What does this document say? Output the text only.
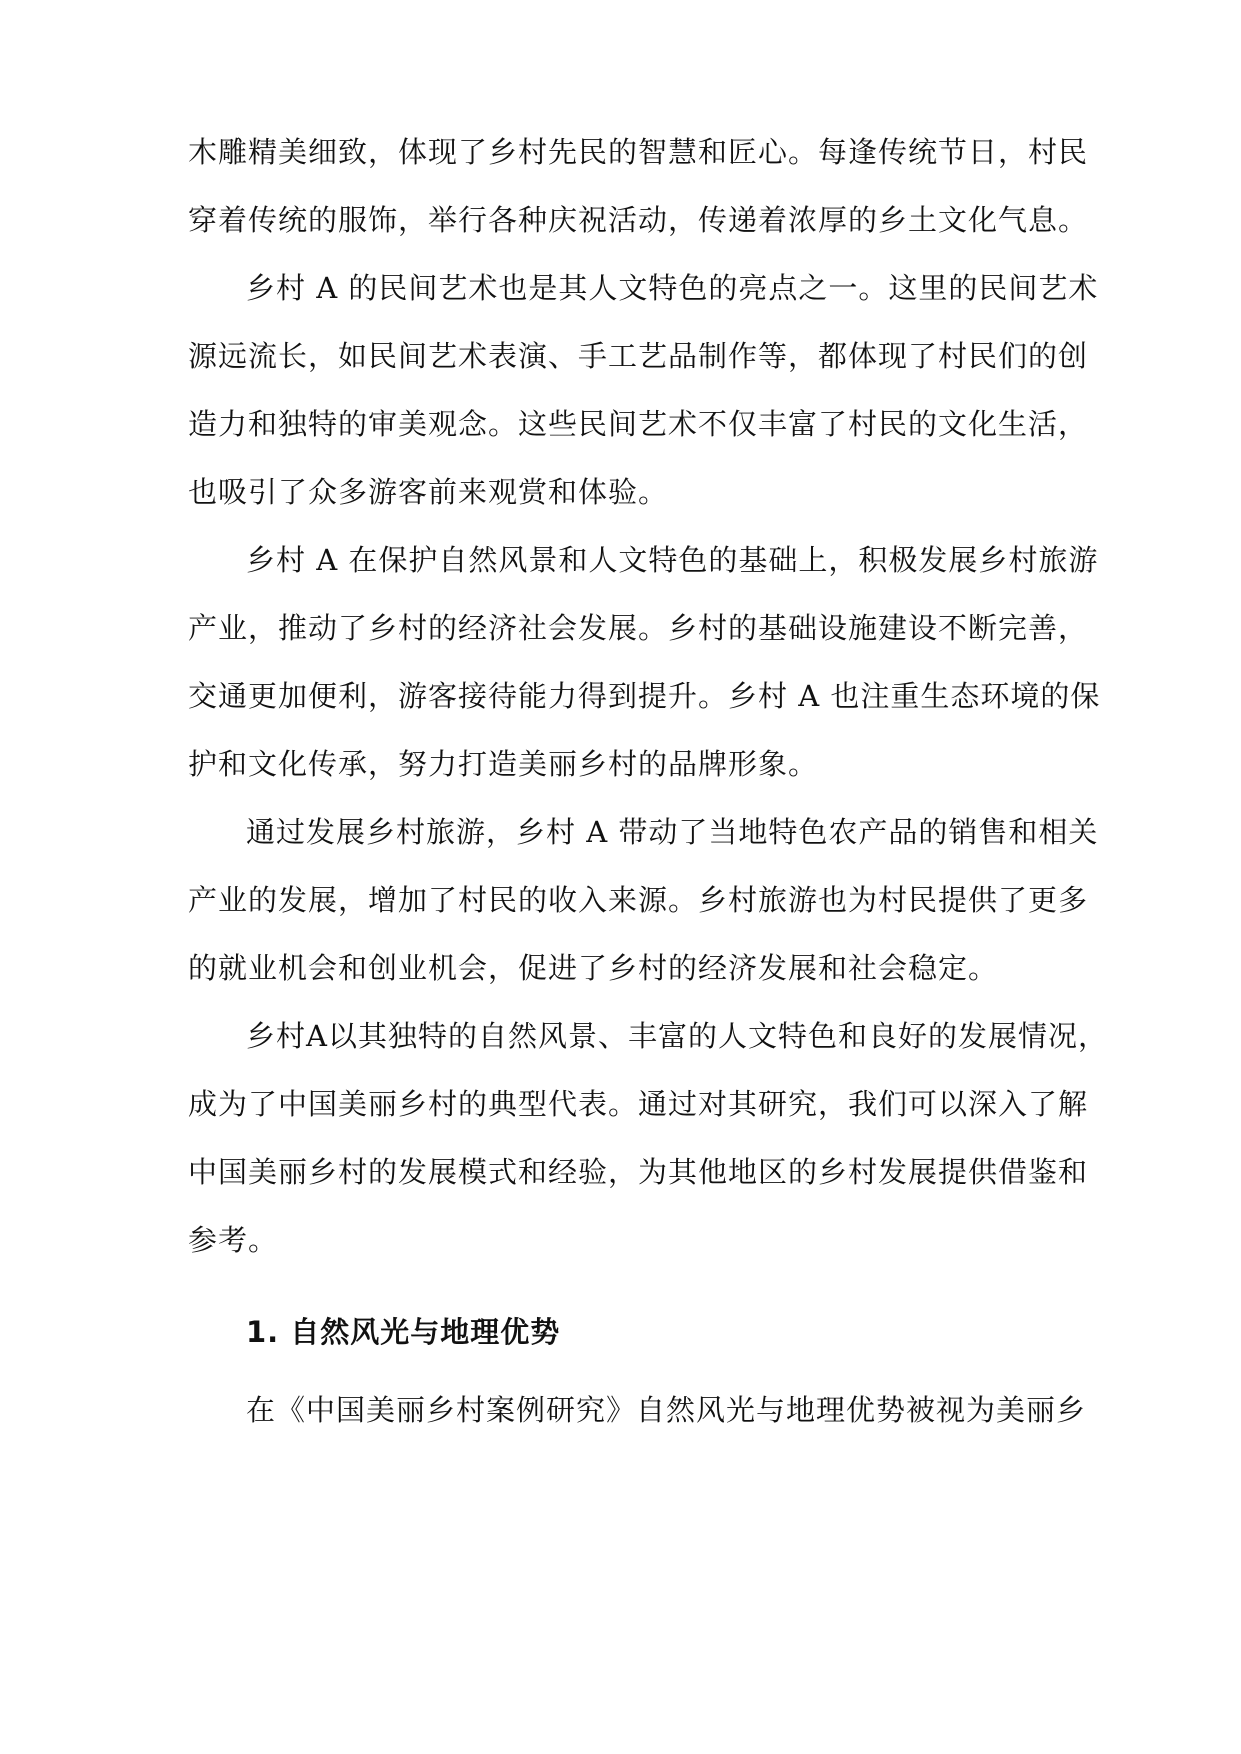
木雕精美细致，体现了乡村先民的智慧和匠心。每逢传统节日，村民
穿着传统的服饰，举行各种庆祝活动，传递着浓厚的乡土文化气息。
乡村 A 的民间艺术也是其人文特色的亮点之一。这里的民间艺术
源远流长，如民间艺术表演、手工艺品制作等，都体现了村民们的创
造力和独特的审美观念。这些民间艺术不仅丰富了村民的文化生活，
也吸引了众多游客前来观赏和体验。
乡村 A 在保护自然风景和人文特色的基础上，积极发展乡村旅游
产业，推动了乡村的经济社会发展。乡村的基础设施建设不断完善，
交通更加便利，游客接待能力得到提升。乡村 A 也注重生态环境的保
护和文化传承，努力打造美丽乡村的品牌形象。
通过发展乡村旅游，乡村 A 带动了当地特色农产品的销售和相关
产业的发展，增加了村民的收入来源。乡村旅游也为村民提供了更多
的就业机会和创业机会，促进了乡村的经济发展和社会稳定。
乡村A以其独特的自然风景、丰富的人文特色和良好的发展情况，
成为了中国美丽乡村的典型代表。通过对其研究，我们可以深入了解
中国美丽乡村的发展模式和经验，为其他地区的乡村发展提供借鉴和
参考。
1. 自然风光与地理优势
在《中国美丽乡村案例研究》自然风光与地理优势被视为美丽乡
